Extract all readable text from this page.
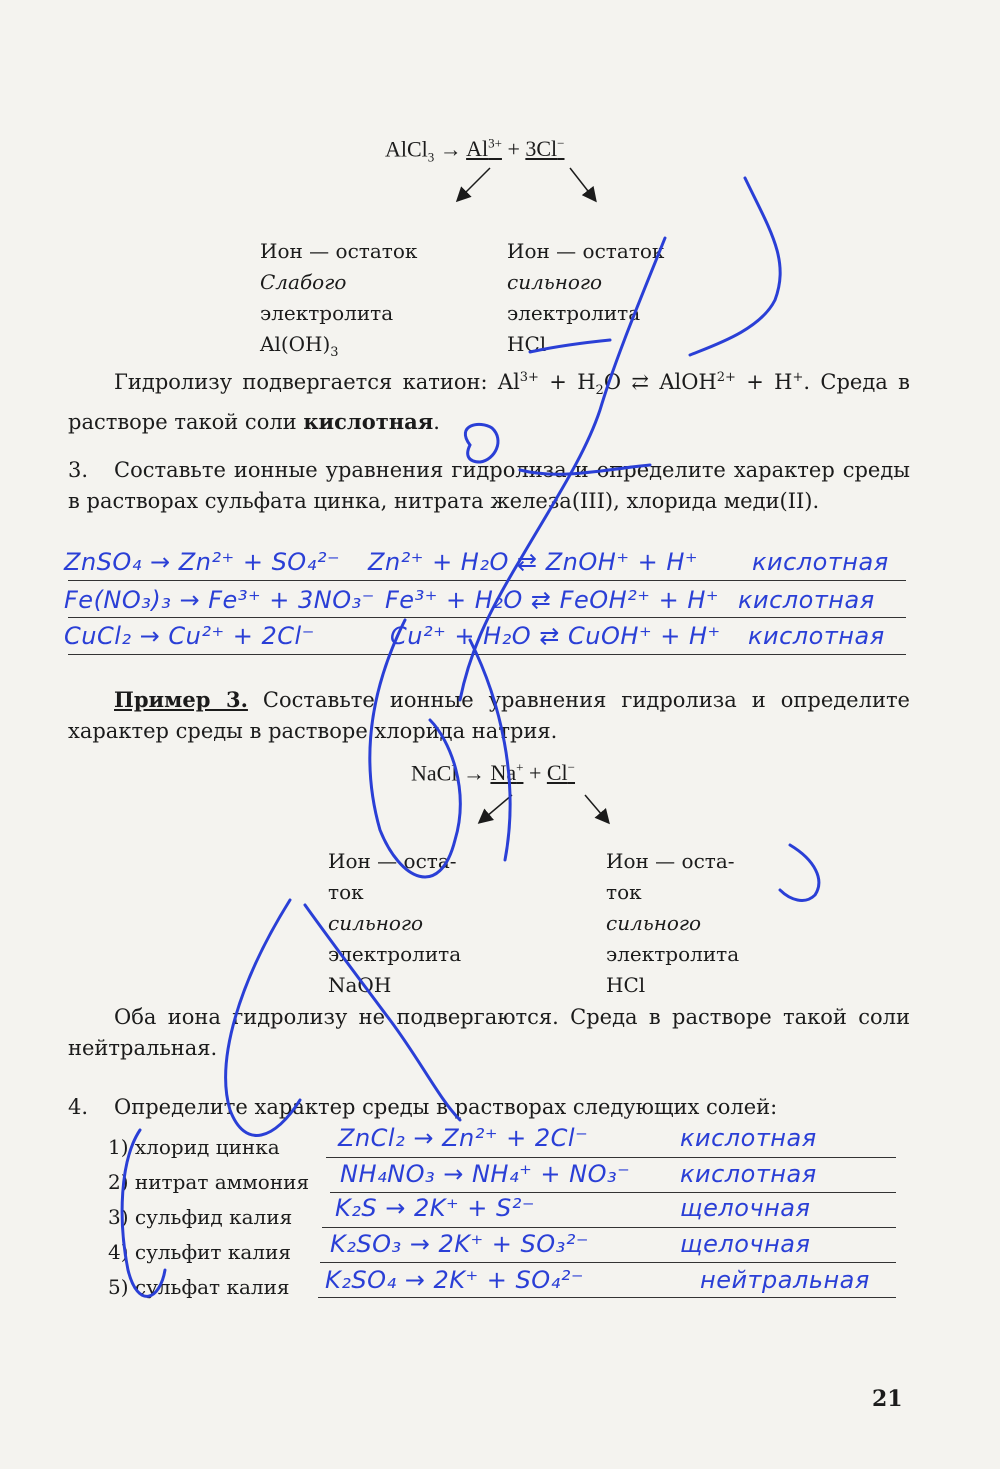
AlCl$_3$ → $Al^{3+} + 3Cl^-$
Ион — остаток
Слабого
электролита
$Al(OH)_3$
Ион — остаток
сильного
электролита
HCl
Гидролизу подвергается катион: $Al^{3+} + H_2O$ ⇄ AlOH$^{2+}$ + H+. Среда в растворе такой соли кислотная.
3. Составьте ионные уравнения гидролиза и определите характер среды в растворах сульфата цинка, нитрата железа(III), хлорида меди(II).
ZnSO₄ → Zn²⁺ + SO₄²⁻ Zn²⁺ + H₂O ⇄ ZnOH⁺ + H⁺ кислотная
Fe(NO₃)₃ → Fe³⁺ + 3NO₃⁻ Fe³⁺ + H₂O ⇄ FeOH²⁺ + H⁺ кислотная
CuCl₂ → Cu²⁺ + 2Cl⁻	Cu²⁺ + H₂O ⇄ CuOH⁺ + H⁺ кислотная
Пример 3. Составьте ионные уравнения гидролиза и определите характер среды в растворе хлорида натрия.
NaCl → Na+ + Cl−
Ион — оста-
ток
сильного
электролита
NaOH
Ион — оста-
ток
сильного
электролита
HCl
Оба иона гидролизу не подвергаются. Среда в растворе такой соли нейтральная.
4. Определите характер среды в растворах следующих солей:
1) хлорид цинка
2) нитрат аммония
3) сульфид калия
4) сульфит калия
5) сульфат калия
ZnCl₂ → Zn²⁺ + 2Cl⁻	кислотная
NH₄NO₃ → NH₄⁺ + NO₃⁻ кислотная
K₂S → 2K⁺ + S²⁻	щелочная
K₂SO₃ → 2K⁺ + SO₃²⁻	щелочная
K₂SO₄ → 2K⁺ + SO₄²⁻	нейтральная
21
